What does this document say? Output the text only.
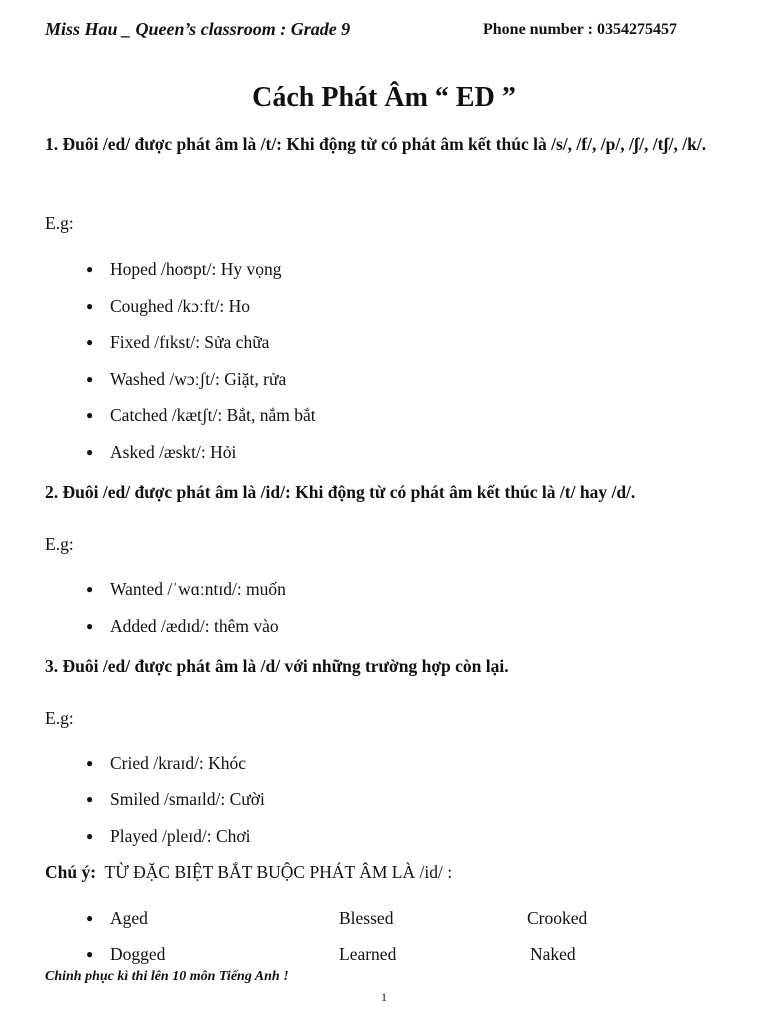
Miss Hau _ Queen’s classroom : Grade 9	Phone number : 0354275457
Cách Phát Âm “ ED ”
1. Đuôi /ed/ được phát âm là /t/: Khi động từ có phát âm kết thúc là /s/, /f/, /p/, /ʃ/, /tʃ/, /k/.
E.g:
● Hoped /hoʊpt/: Hy vọng
● Coughed /kɔːft/: Ho
● Fixed /fɪkst/: Sửa chữa
● Washed /wɔːʃt/: Giặt, rửa
● Catched /kætʃt/: Bắt, nắm bắt
● Asked /æskt/: Hỏi
2. Đuôi /ed/ được phát âm là /id/: Khi động từ có phát âm kết thúc là /t/ hay /d/.
E.g:
● Wanted /ˈwɑːntɪd/: muốn
● Added /ædɪd/: thêm vào
3. Đuôi /ed/ được phát âm là /d/ với những trường hợp còn lại.
E.g:
● Cried /kraɪd/: Khóc
● Smiled /smaɪld/: Cười
● Played /pleɪd/: Chơi
Chú ý: TỪ ĐẶC BIỆT BẮT BUỘC PHÁT ÂM LÀ /id/ :
● Aged	Blessed	Crooked
● Dogged	Learned	Naked
Chinh phục kì thi lên 10 môn Tiếng Anh !
1
